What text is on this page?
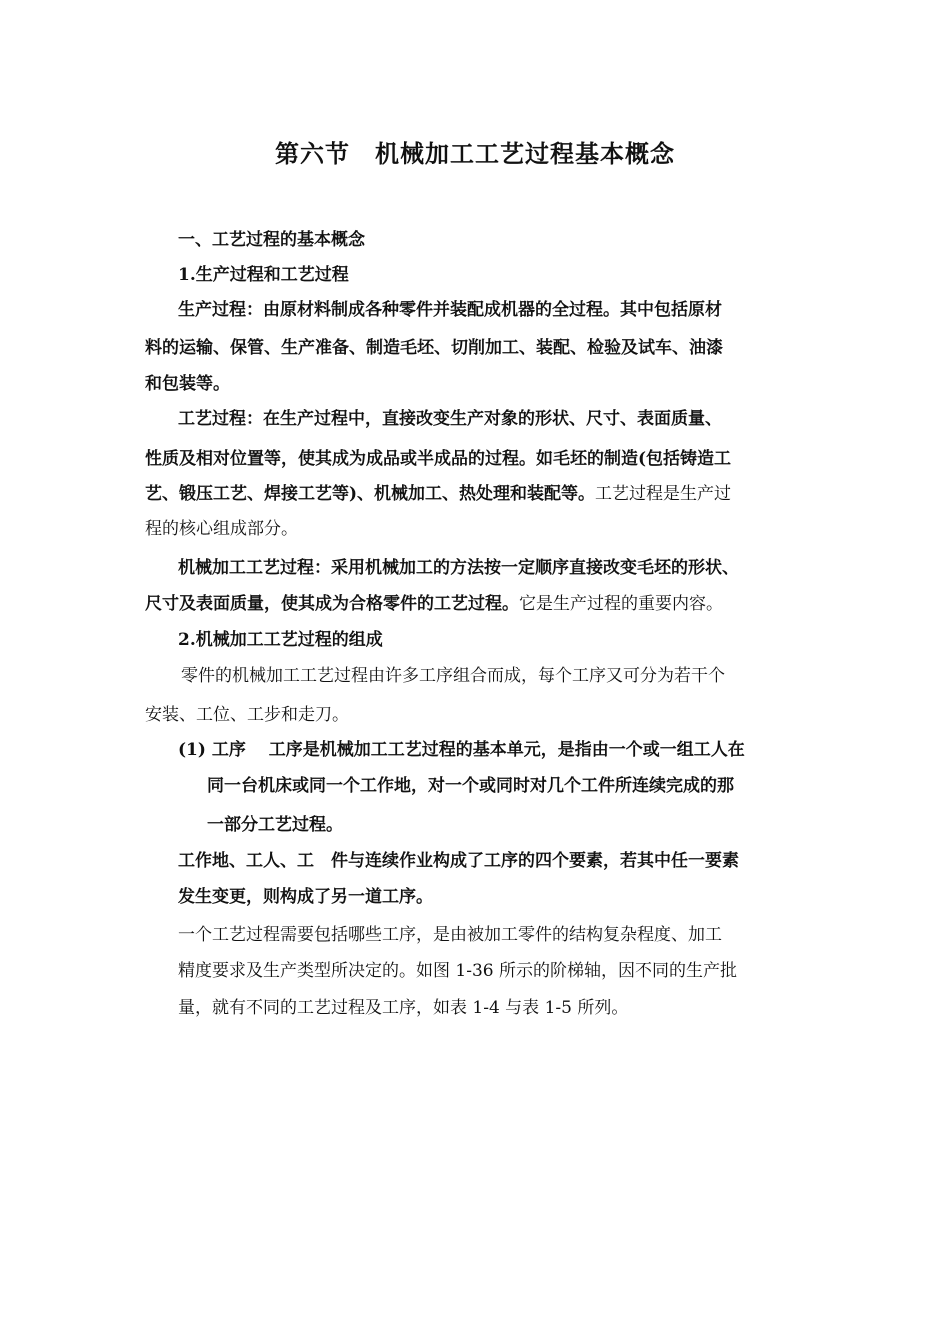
第六节　机械加工工艺过程基本概念
一、工艺过程的基本概念
1.生产过程和工艺过程
生产过程：由原材料制成各种零件并装配成机器的全过程。其中包括原材
料的运输、保管、生产准备、制造毛坯、切削加工、装配、检验及试车、油漆
和包装等。
工艺过程：在生产过程中，直接改变生产对象的形状、尺寸、表面质量、
性质及相对位置等，使其成为成品或半成品的过程。如毛坯的制造(包括铸造工
艺、锻压工艺、焊接工艺等)、机械加工、热处理和装配等。工艺过程是生产过
程的核心组成部分。
机械加工工艺过程：采用机械加工的方法按一定顺序直接改变毛坯的形状、
尺寸及表面质量，使其成为合格零件的工艺过程。它是生产过程的重要内容。
2.机械加工工艺过程的组成
零件的机械加工工艺过程由许多工序组合而成，每个工序又可分为若干个
安装、工位、工步和走刀。
(1) 工序　 工序是机械加工工艺过程的基本单元，是指由一个或一组工人在
同一台机床或同一个工作地，对一个或同时对几个工件所连续完成的那
一部分工艺过程。
工作地、工人、工　件与连续作业构成了工序的四个要素，若其中任一要素
发生变更，则构成了另一道工序。
一个工艺过程需要包括哪些工序，是由被加工零件的结构复杂程度、加工
精度要求及生产类型所决定的。如图 1-36 所示的阶梯轴，因不同的生产批
量，就有不同的工艺过程及工序，如表 1-4 与表 1-5 所列。
